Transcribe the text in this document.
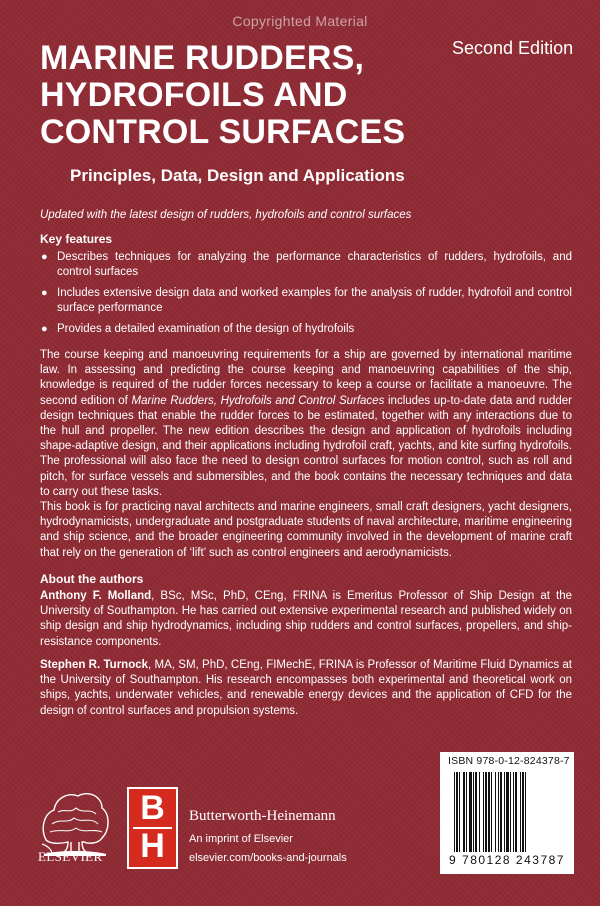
Copyrighted Material
Second Edition
MARINE RUDDERS,
HYDROFOILS AND
CONTROL SURFACES
Principles, Data, Design and Applications
Updated with the latest design of rudders, hydrofoils and control surfaces
Key features
● Describes techniques for analyzing the performance characteristics of rudders, hydrofoils, and control surfaces
● Includes extensive design data and worked examples for the analysis of rudder, hydrofoil and control surface performance
● Provides a detailed examination of the design of hydrofoils

The course keeping and manoeuvring requirements for a ship are governed by international maritime law. In assessing and predicting the course keeping and manoeuvring capabilities of the ship, knowledge is required of the rudder forces necessary to keep a course or facilitate a manoeuvre. The second edition of Marine Rudders, Hydrofoils and Control Surfaces includes up-to-date data and rudder design techniques that enable the rudder forces to be estimated, together with any interactions due to the hull and propeller. The new edition describes the design and application of hydrofoils including shape-adaptive design, and their applications including hydrofoil craft, yachts, and kite surfing hydrofoils. The professional will also face the need to design control surfaces for motion control, such as roll and pitch, for surface vessels and submersibles, and the book contains the necessary techniques and data to carry out these tasks.

This book is for practicing naval architects and marine engineers, small craft designers, yacht designers, hydrodynamicists, undergraduate and postgraduate students of naval architecture, maritime engineering and ship science, and the broader engineering community involved in the development of marine craft that rely on the generation of ‘lift’ such as control engineers and aerodynamicists.

About the authors

Anthony F. Molland, BSc, MSc, PhD, CEng, FRINA is Emeritus Professor of Ship Design at the University of Southampton. He has carried out extensive experimental research and published widely on ship design and ship hydrodynamics, including ship rudders and control surfaces, propellers, and ship-resistance components.

Stephen R. Turnock, MA, SM, PhD, CEng, FIMechE, FRINA is Professor of Maritime Fluid Dynamics at the University of Southampton. His research encompasses both experimental and theoretical work on ships, yachts, underwater vehicles, and renewable energy devices and the application of CFD for the design of control surfaces and propulsion systems.

ELSEVIER
B
H
Butterworth-Heinemann
An imprint of Elsevier
elsevier.com/books-and-journals
ISBN 978-0-12-824378-7
9 780128 243787
